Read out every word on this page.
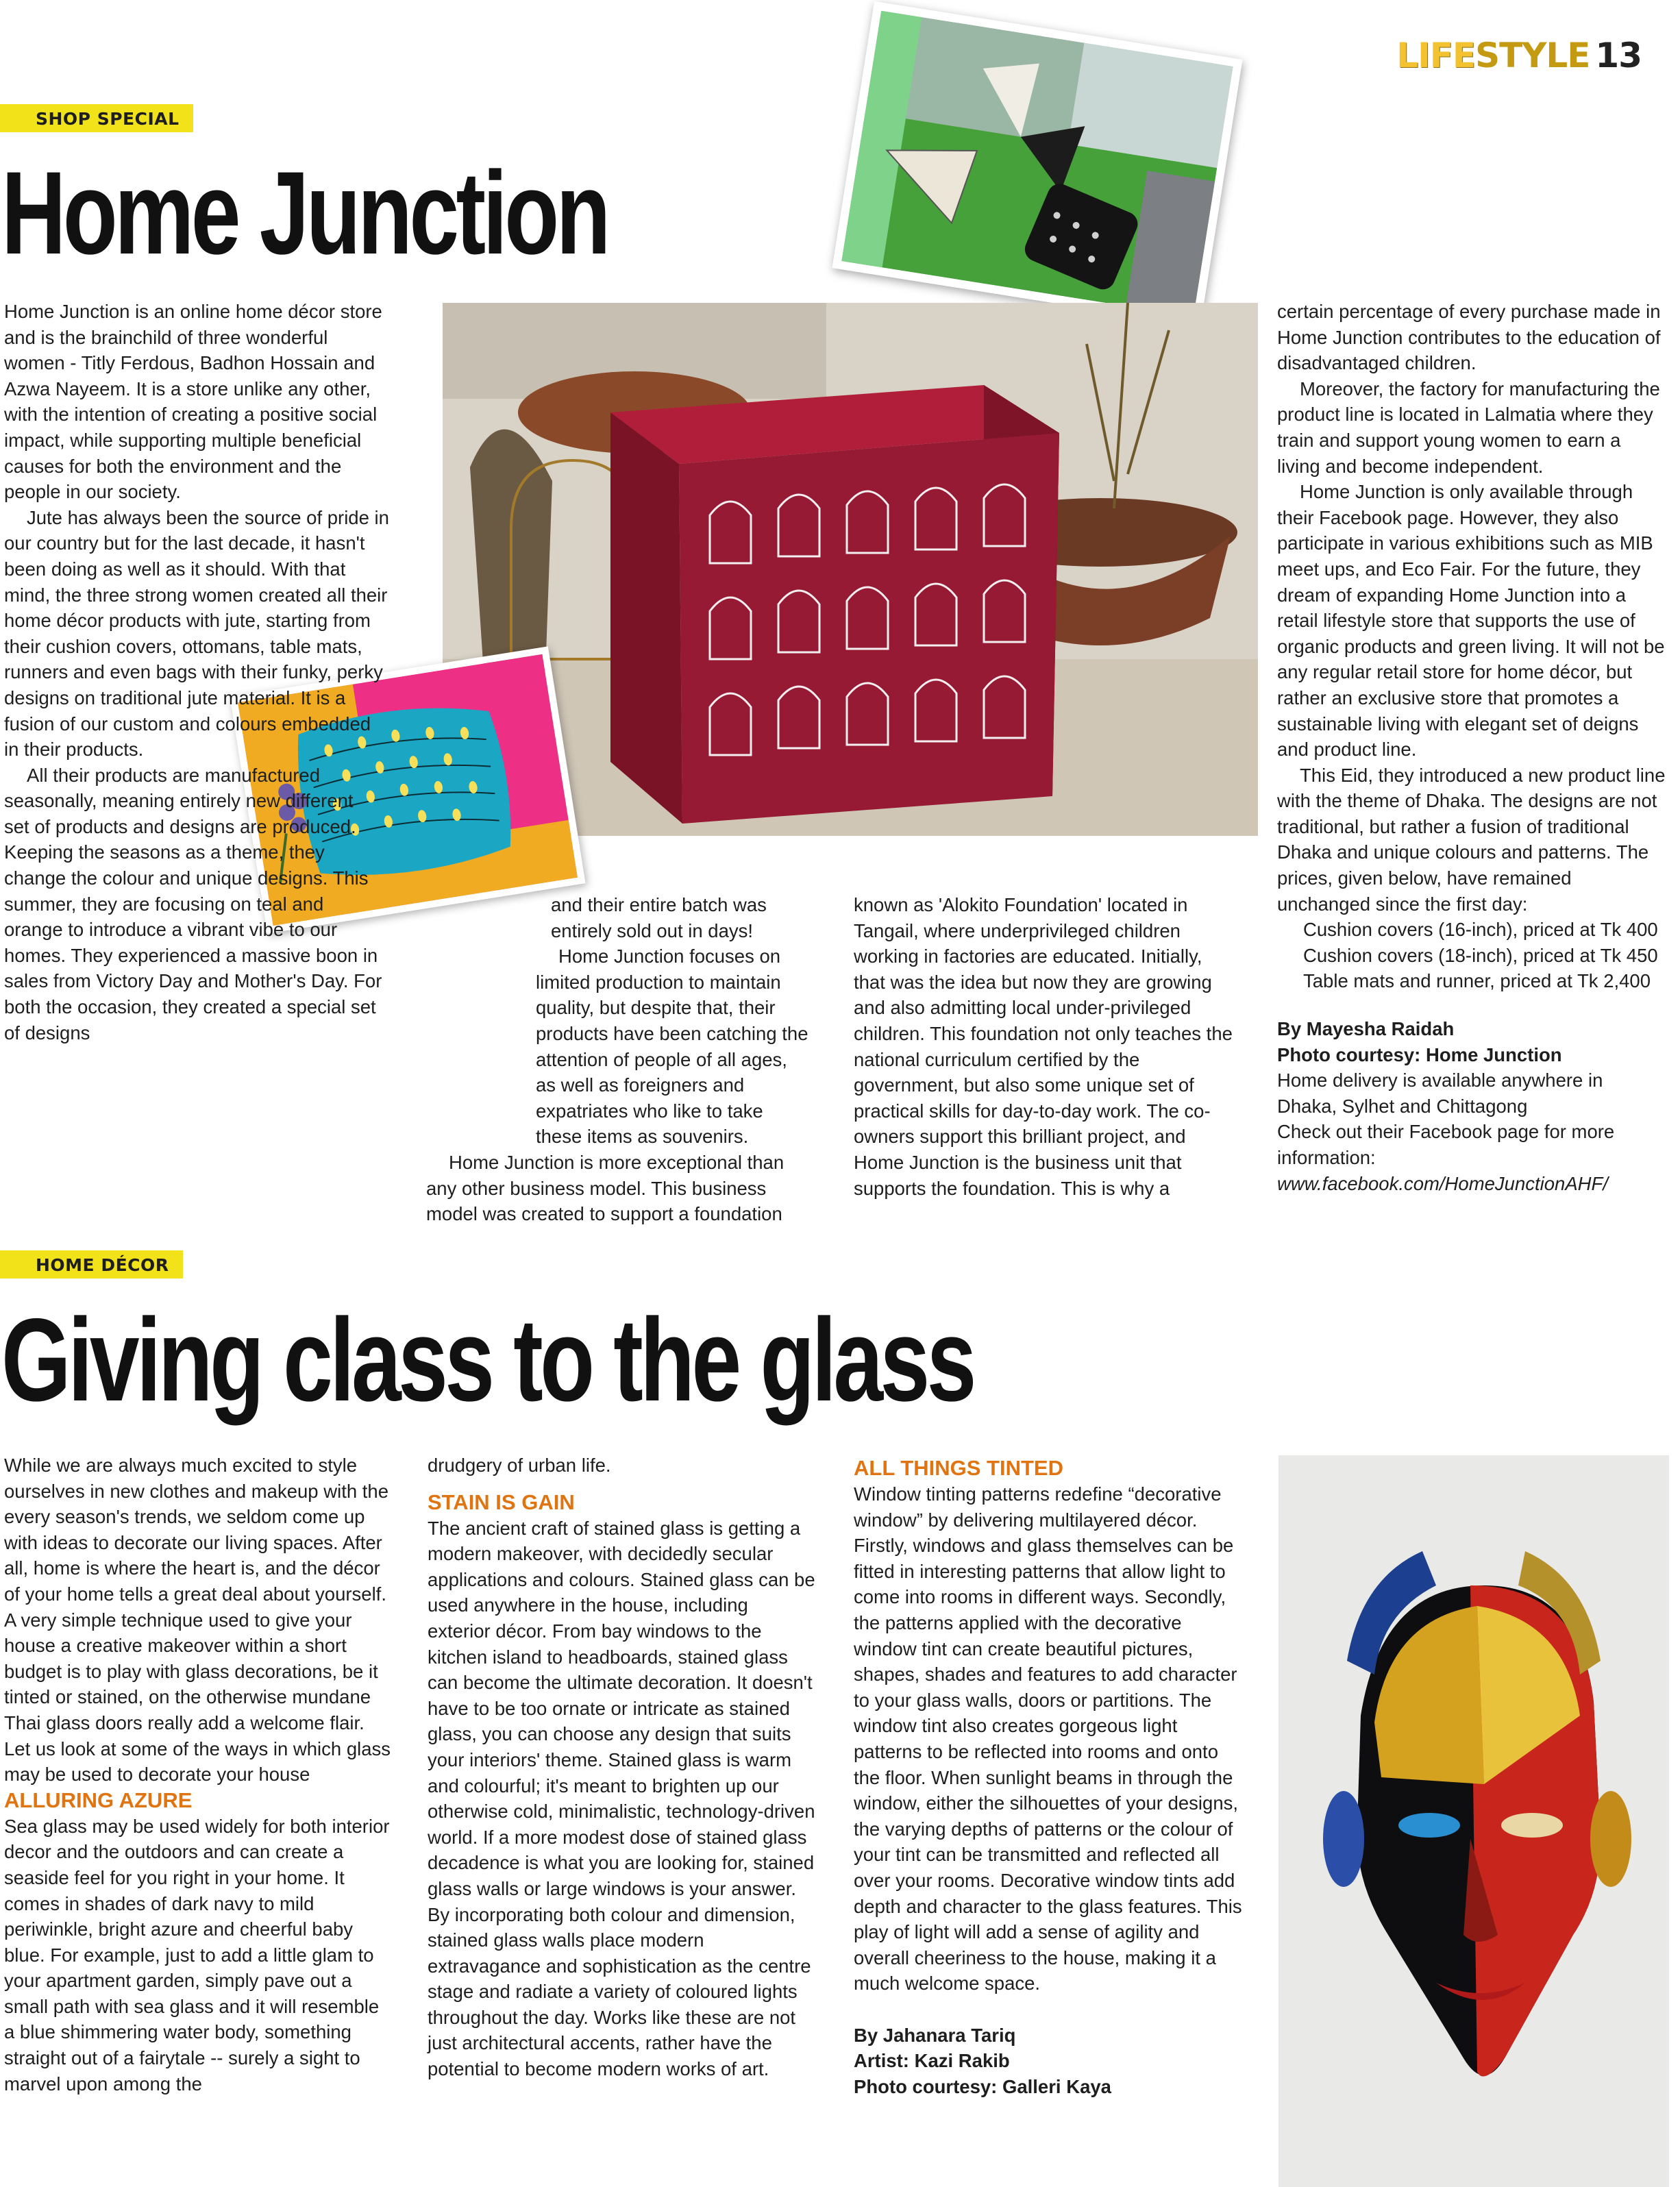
LIFESTYLE 13
SHOP SPECIAL
Home Junction

Home Junction is an online home décor store and is the brainchild of three wonderful women - Titly Ferdous, Badhon Hossain and Azwa Nayeem. It is a store unlike any other, with the intention of creating a positive social impact, while supporting multiple beneficial causes for both the environment and the people in our society.

Jute has always been the source of pride in our country but for the last decade, it hasn't been doing as well as it should. With that mind, the three strong women created all their home décor products with jute, starting from their cushion covers, ottomans, table mats, runners and even bags with their funky, perky designs on traditional jute material. It is a fusion of our custom and colours embedded in their products.

All their products are manufactured seasonally, meaning entirely new different set of products and designs are produced. Keeping the seasons as a theme, they change the colour and unique designs. This summer, they are focusing on teal and orange to introduce a vibrant vibe to our homes. They experienced a massive boon in sales from Victory Day and Mother's Day. For both the occasion, they created a special set of designs

and their entire batch was entirely sold out in days!

Home Junction focuses on limited production to maintain quality, but despite that, their products have been catching the attention of people of all ages, as well as foreigners and expatriates who like to take these items as souvenirs.

Home Junction is more exceptional than any other business model. This business model was created to support a foundation

known as 'Alokito Foundation' located in Tangail, where underprivileged children working in factories are educated. Initially, that was the idea but now they are growing and also admitting local under-privileged children. This foundation not only teaches the national curriculum certified by the government, but also some unique set of practical skills for day-to-day work. The co-owners support this brilliant project, and Home Junction is the business unit that supports the foundation. This is why a

certain percentage of every purchase made in Home Junction contributes to the education of disadvantaged children.

Moreover, the factory for manufacturing the product line is located in Lalmatia where they train and support young women to earn a living and become independent.

Home Junction is only available through their Facebook page. However, they also participate in various exhibitions such as MIB meet ups, and Eco Fair. For the future, they dream of expanding Home Junction into a retail lifestyle store that supports the use of organic products and green living. It will not be any regular retail store for home décor, but rather an exclusive store that promotes a sustainable living with elegant set of deigns and product line.

This Eid, they introduced a new product line with the theme of Dhaka. The designs are not traditional, but rather a fusion of traditional Dhaka and unique colours and patterns. The prices, given below, have remained unchanged since the first day:

Cushion covers (16-inch), priced at Tk 400

Cushion covers (18-inch), priced at Tk 450

Table mats and runner, priced at Tk 2,400

By Mayesha Raidah

Photo courtesy: Home Junction

Home delivery is available anywhere in Dhaka, Sylhet and Chittagong

Check out their Facebook page for more information:

www.facebook.com/HomeJunctionAHF/

HOME DÉCOR
Giving class to the glass

While we are always much excited to style ourselves in new clothes and makeup with the every season's trends, we seldom come up with ideas to decorate our living spaces. After all, home is where the heart is, and the décor of your home tells a great deal about yourself. A very simple technique used to give your house a creative makeover within a short budget is to play with glass decorations, be it tinted or stained, on the otherwise mundane Thai glass doors really add a welcome flair. Let us look at some of the ways in which glass may be used to decorate your house

ALLURING AZURE

Sea glass may be used widely for both interior decor and the outdoors and can create a seaside feel for you right in your home. It comes in shades of dark navy to mild periwinkle, bright azure and cheerful baby blue. For example, just to add a little glam to your apartment garden, simply pave out a small path with sea glass and it will resemble a blue shimmering water body, something straight out of a fairytale -- surely a sight to marvel upon among the

drudgery of urban life.

STAIN IS GAIN

The ancient craft of stained glass is getting a modern makeover, with decidedly secular applications and colours. Stained glass can be used anywhere in the house, including exterior décor. From bay windows to the kitchen island to headboards, stained glass can become the ultimate decoration. It doesn't have to be too ornate or intricate as stained glass, you can choose any design that suits your interiors' theme. Stained glass is warm and colourful; it's meant to brighten up our otherwise cold, minimalistic, technology-driven world. If a more modest dose of stained glass decadence is what you are looking for, stained glass walls or large windows is your answer. By incorporating both colour and dimension, stained glass walls place modern extravagance and sophistication as the centre stage and radiate a variety of coloured lights throughout the day. Works like these are not just architectural accents, rather have the potential to become modern works of art.

ALL THINGS TINTED

Window tinting patterns redefine “decorative window” by delivering multilayered décor. Firstly, windows and glass themselves can be fitted in interesting patterns that allow light to come into rooms in different ways. Secondly, the patterns applied with the decorative window tint can create beautiful pictures, shapes, shades and features to add character to your glass walls, doors or partitions. The window tint also creates gorgeous light patterns to be reflected into rooms and onto the floor. When sunlight beams in through the window, either the silhouettes of your designs, the varying depths of patterns or the colour of your tint can be transmitted and reflected all over your rooms. Decorative window tints add depth and character to the glass features. This play of light will add a sense of agility and overall cheeriness to the house, making it a much welcome space.

By Jahanara Tariq

Artist: Kazi Rakib

Photo courtesy: Galleri Kaya
